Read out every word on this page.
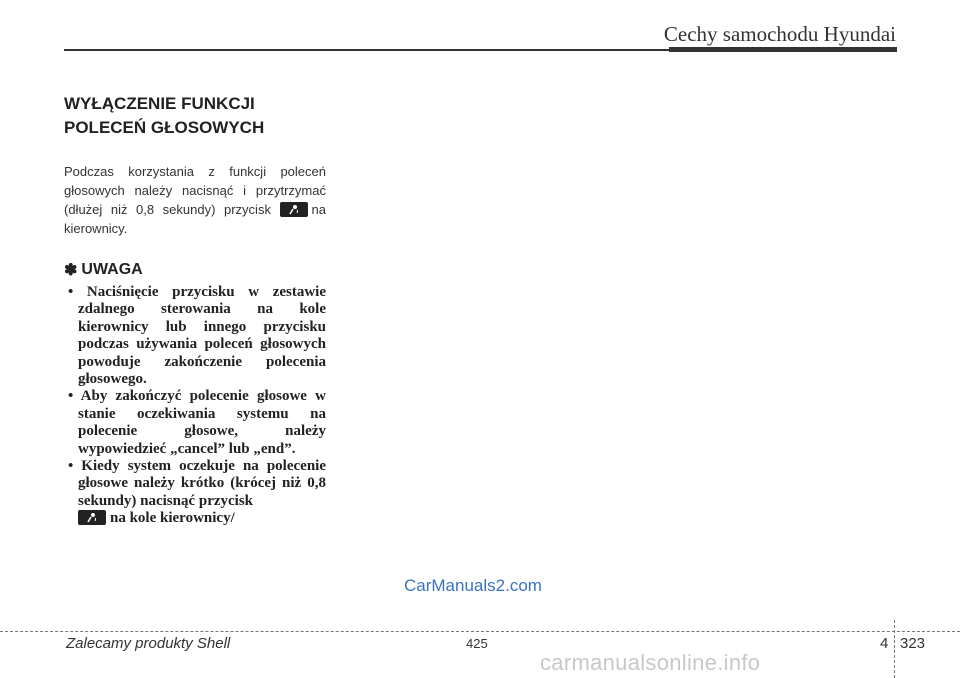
Cechy samochodu Hyundai
WYŁĄCZENIE FUNKCJI
POLECEŃ GŁOSOWYCH

Podczas korzystania z funkcji poleceń głosowych należy nacisnąć i przytrzymać (dłużej niż 0,8 sekundy) przycisk	na kierownicy.

✽ UWAGA
• Naciśnięcie przycisku w zestawie zdalnego sterowania na kole kierownicy lub innego przycisku podczas używania poleceń głosowych powoduje zakończenie polecenia głosowego.
• Aby zakończyć polecenie głosowe w stanie oczekiwania systemu na polecenie głosowe, należy wypowiedzieć „cancel” lub „end”.
• Kiedy system oczekuje na polecenie głosowe należy krótko (krócej niż 0,8 sekundy) nacisnąć przycisk

na kole kierownicy/
CarManuals2.com
Zalecamy produkty Shell	425	4 323
carmanualsonline.info
